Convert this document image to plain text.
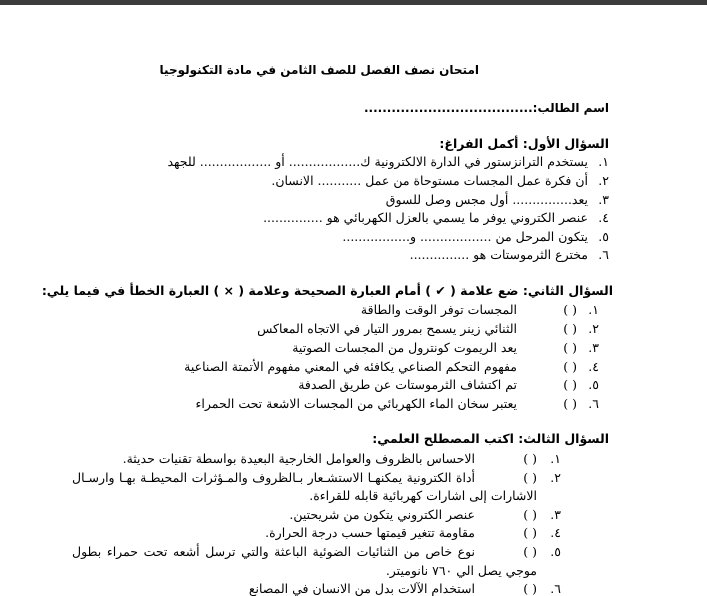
امتحان نصف الفصل للصف الثامن في مادة التكنولوجيا
اسم الطالب:.....................................
السؤال الأول: أكمل الفراغ:
١.
يستخدم الترانزستور في الدارة الالكترونية ك.................. أو .................. للجهد
٢.
أن فكرة عمل المجسات مستوحاة من عمل ........... الانسان.
٣.
يعد............... أول مجس وصل للسوق
٤.
عنصر الكتروني يوفر ما يسمي بالعزل الكهربائي هو ...............
٥.
يتكون المرحل من .................. و.................
٦.
مخترع الثرموستات هو ...............
السؤال الثاني: ضع علامة ( ✔ ) أمام العبارة الصحيحة وعلامة ( × ) العبارة الخطأ في فيما يلي:
١.
( )
المجسات توفر الوقت والطاقة
٢.
( )
الثنائي زينر يسمح بمرور التيار في الاتجاه المعاكس
٣.
( )
يعد الريموت كونترول من المجسات الصوتية
٤.
( )
مفهوم التحكم الصناعي يكافئه في المعني مفهوم الأتمتة الصناعية
٥.
( )
تم اكتشاف الثرموستات عن طريق الصدفة
٦.
( )
يعتبر سخان الماء الكهربائي من المجسات الاشعة تحت الحمراء
السؤال الثالث: اكتب المصطلح العلمي:
١.
( )
الاحساس بالظروف والعوامل الخارجية البعيدة بواسطة تقنيات حديثة.
٢.
( )
أداة الكترونية يمكنهـا الاستشـعار بـالظروف والمـؤثرات المحيطـة بهـا وارسـال
الاشارات إلى اشارات كهربائية قابله للقراءة.
٣.
( )
عنصر الكتروني يتكون من شريحتين.
٤.
( )
مقاومة تتغير قيمتها حسب درجة الحرارة.
٥.
( )
نوع خاص من الثنائيات الضوئية الباعثة والتي ترسل أشعه تحت حمراء بطول
موجي يصل الي ٧٦٠ نانوميتر.
٦.
( )
استخدام الآلات بدل من الانسان في المصانع
